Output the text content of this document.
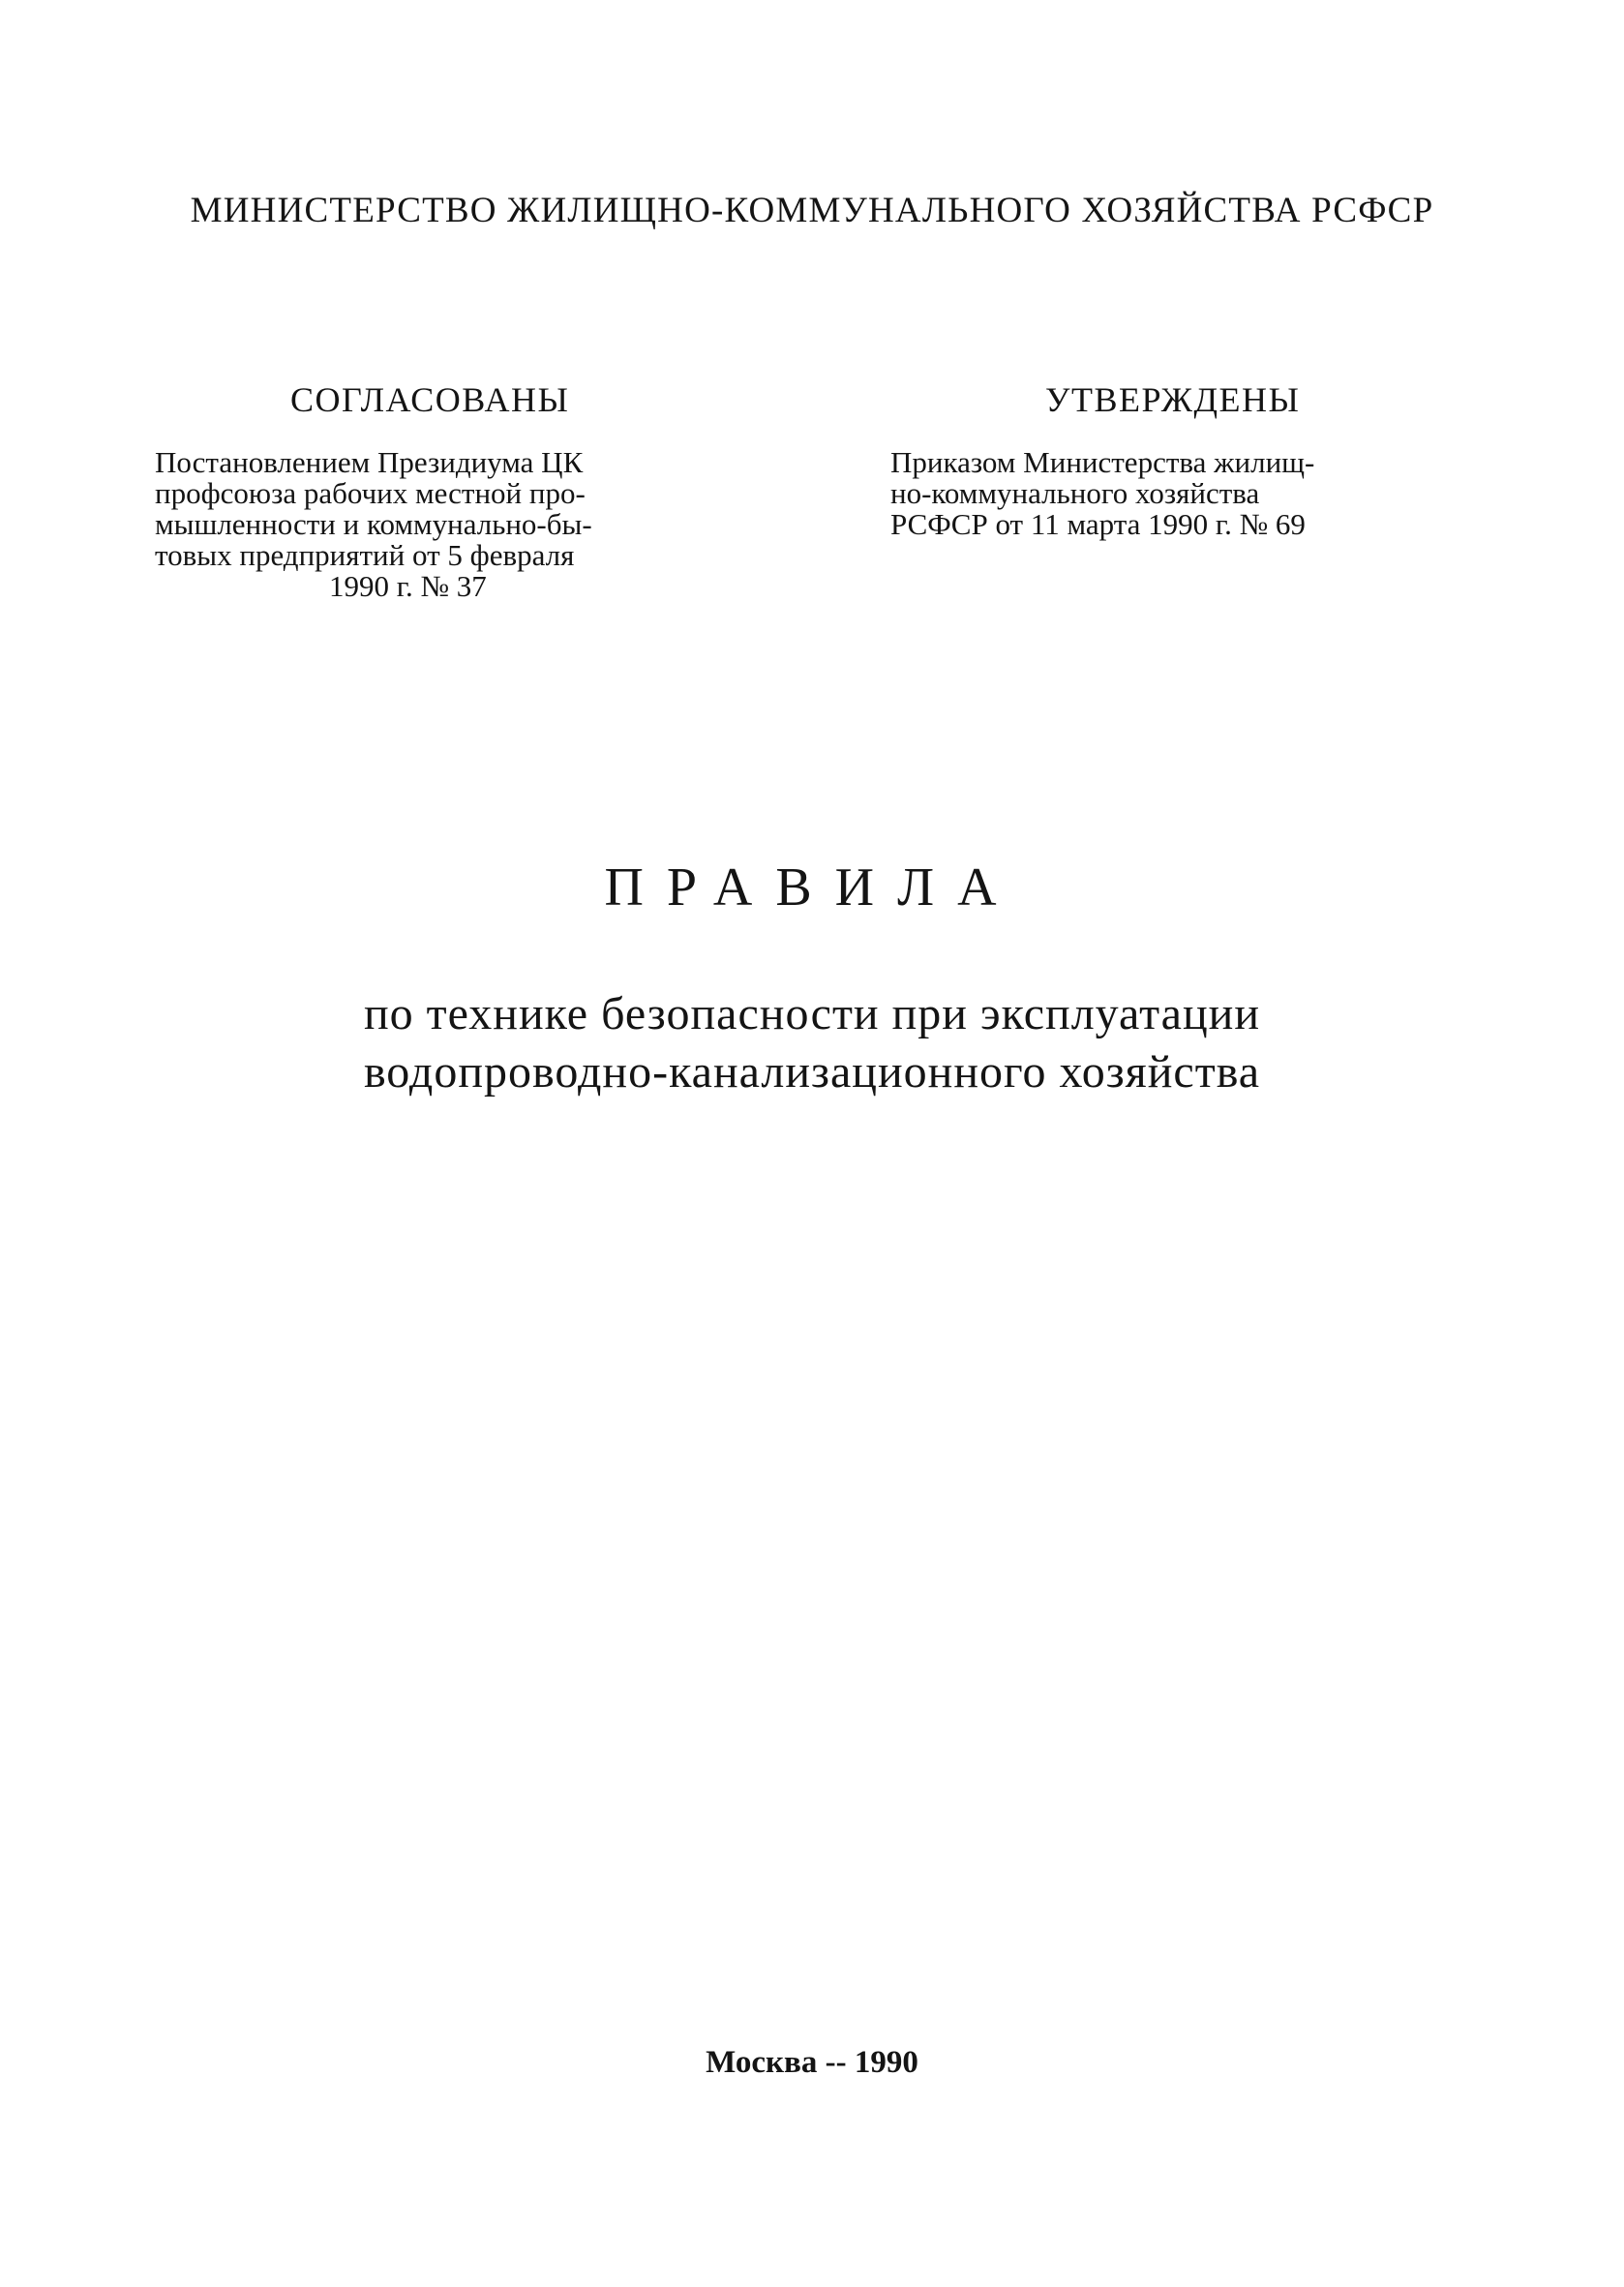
МИНИСТЕРСТВО ЖИЛИЩНО-КОММУНАЛЬНОГО ХОЗЯЙСТВА РСФСР
СОГЛАСОВАНЫ
Постановлением Президиума ЦК
профсоюза рабочих местной про-
мышленности и коммунально-бы-
товых предприятий от 5 февраля
1990 г. № 37
УТВЕРЖДЕНЫ
Приказом Министерства жилищ-
но-коммунального хозяйства
РСФСР от 11 марта 1990 г. № 69
ПРАВИЛА
по технике безопасности при эксплуатации
водопроводно-канализационного хозяйства
Москва -- 1990
